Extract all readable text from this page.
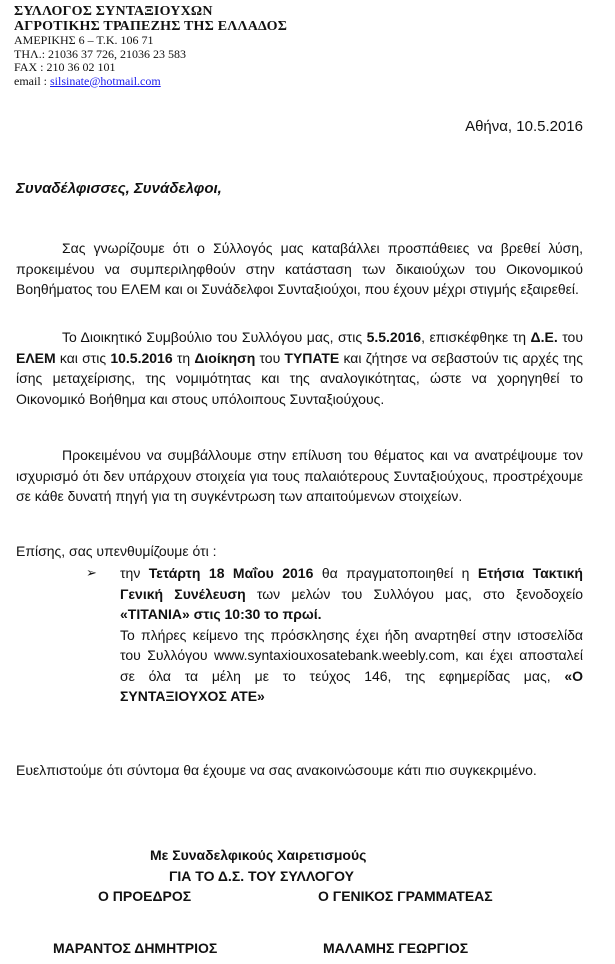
ΣΥΛΛΟΓΟΣ ΣΥΝΤΑΞΙΟΥΧΩΝ
ΑΓΡΟΤΙΚΗΣ ΤΡΑΠΕΖΗΣ ΤΗΣ ΕΛΛΑΔΟΣ
ΑΜΕΡΙΚΗΣ 6 – Τ.Κ. 106 71
ΤΗΛ.: 21036 37 726, 21036 23 583
FAX : 210 36 02 101
email : silsinate@hotmail.com
Αθήνα, 10.5.2016
Συναδέλφισσες, Συνάδελφοι,
Σας γνωρίζουμε ότι ο Σύλλογός μας καταβάλλει προσπάθειες να βρεθεί λύση, προκειμένου να συμπεριληφθούν στην κατάσταση των δικαιούχων του Οικονομικού Βοηθήματος του ΕΛΕΜ και οι Συνάδελφοι Συνταξιούχοι, που έχουν μέχρι στιγμής εξαιρεθεί.
Το Διοικητικό Συμβούλιο του Συλλόγου μας, στις 5.5.2016, επισκέφθηκε τη Δ.Ε. του ΕΛΕΜ και στις 10.5.2016 τη Διοίκηση του ΤΥΠΑΤΕ και ζήτησε να σεβαστούν τις αρχές της ίσης μεταχείρισης, της νομιμότητας και της αναλογικότητας, ώστε να χορηγηθεί το Οικονομικό Βοήθημα και στους υπόλοιπους Συνταξιούχους.
Προκειμένου να συμβάλλουμε στην επίλυση του θέματος και να ανατρέψουμε τον ισχυρισμό ότι δεν υπάρχουν στοιχεία για τους παλαιότερους Συνταξιούχους, προστρέχουμε σε κάθε δυνατή πηγή για τη συγκέντρωση των απαιτούμενων στοιχείων.
Επίσης, σας υπενθυμίζουμε ότι :
➢ την Τετάρτη 18 Μαΐου 2016 θα πραγματοποιηθεί η Ετήσια Τακτική Γενική Συνέλευση των μελών του Συλλόγου μας, στο ξενοδοχείο «TITANIA» στις 10:30 το πρωί.
Το πλήρες κείμενο της πρόσκλησης έχει ήδη αναρτηθεί στην ιστοσελίδα του Συλλόγου www.syntaxiouxosatebank.weebly.com, και έχει αποσταλεί σε όλα τα μέλη με το τεύχος 146, της εφημερίδας μας, «Ο ΣΥΝΤΑΞΙΟΥΧΟΣ ΑΤΕ»
Ευελπιστούμε ότι σύντομα θα έχουμε να σας ανακοινώσουμε κάτι πιο συγκεκριμένο.
Με Συναδελφικούς Χαιρετισμούς
ΓΙΑ ΤΟ Δ.Σ. ΤΟΥ ΣΥΛΛΟΓΟΥ
Ο ΠΡΟΕΔΡΟΣ	Ο ΓΕΝΙΚΟΣ ΓΡΑΜΜΑΤΕΑΣ
ΜΑΡΑΝΤΟΣ ΔΗΜΗΤΡΙΟΣ	ΜΑΛΑΜΗΣ ΓΕΩΡΓΙΟΣ
